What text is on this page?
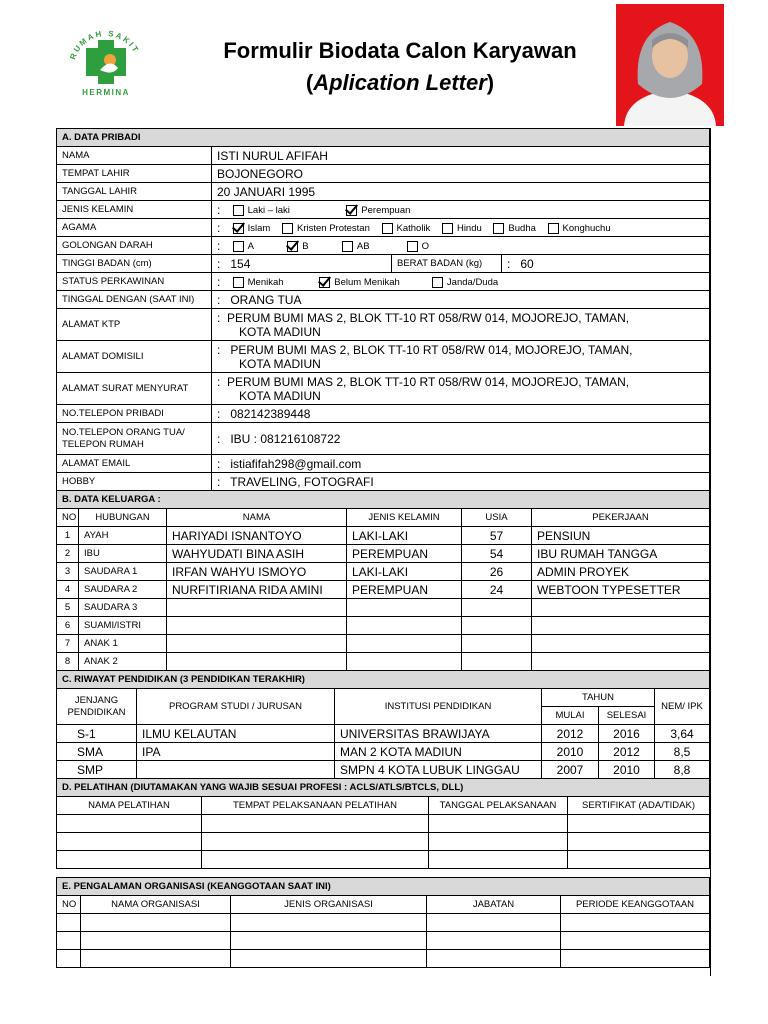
RUMAH SAKIT
HERMINA
Formulir Biodata Calon Karyawan
(Aplication Letter)
A. DATA PRIBADI			
NAMA	ISTI NURUL AFIFAH		
TEMPAT LAHIR	BOJONEGORO		
TANGGAL LAHIR	20 JANUARI 1995		
JENIS KELAMIN	: Laki – laki Perempuan		
AGAMA	: Islam Kristen Protestan Katholik Hindu Budha Konghuchu		
GOLONGAN DARAH	: A B AB O		
TINGGI BADAN (cm)	: 154	BERAT BADAN (kg)	: 60
STATUS PERKAWINAN	: Menikah Belum Menikah Janda/Duda		
TINGGAL DENGAN (SAAT INI)	: ORANG TUA		
ALAMAT KTP	: PERUM BUMI MAS 2, BLOK TT-10 RT 058/RW 014, MOJOREJO, TAMAN,
KOTA MADIUN		
ALAMAT DOMISILI	: PERUM BUMI MAS 2, BLOK TT-10 RT 058/RW 014, MOJOREJO, TAMAN,
KOTA MADIUN		
ALAMAT SURAT MENYURAT	: PERUM BUMI MAS 2, BLOK TT-10 RT 058/RW 014, MOJOREJO, TAMAN,
KOTA MADIUN		
NO.TELEPON PRIBADI	: 082142389448		
NO.TELEPON ORANG TUA/
TELEPON RUMAH	: IBU : 081216108722		
ALAMAT EMAIL	: istiafifah298@gmail.com		
HOBBY	: TRAVELING, FOTOGRAFI		
B. DATA KELUARGA :					
NO	HUBUNGAN	NAMA	JENIS KELAMIN	USIA	PEKERJAAN
1	AYAH	HARIYADI ISNANTOYO	LAKI-LAKI	57	PENSIUN
2	IBU	WAHYUDATI BINA ASIH	PEREMPUAN	54	IBU RUMAH TANGGA
3	SAUDARA 1	IRFAN WAHYU ISMOYO	LAKI-LAKI	26	ADMIN PROYEK
4	SAUDARA 2	NURFITIRIANA RIDA AMINI	PEREMPUAN	24	WEBTOON TYPESETTER
5	SAUDARA 3				
6	SUAMI/ISTRI				
7	ANAK 1				
8	ANAK 2				
C. RIWAYAT PENDIDIKAN (3 PENDIDIKAN TERAKHIR)					
JENJANG
PENDIDIKAN	PROGRAM STUDI / JURUSAN	INSTITUSI PENDIDIKAN	TAHUN		NEM/ IPK
			MULAI	SELESAI	
S-1	ILMU KELAUTAN	UNIVERSITAS BRAWIJAYA	2012	2016	3,64
SMA	IPA	MAN 2 KOTA MADIUN	2010	2012	8,5
SMP		SMPN 4 KOTA LUBUK LINGGAU	2007	2010	8,8
D. PELATIHAN (DIUTAMAKAN YANG WAJIB SESUAI PROFESI : ACLS/ATLS/BTCLS, DLL)			
NAMA PELATIHAN	TEMPAT PELAKSANAAN PELATIHAN	TANGGAL PELAKSANAAN	SERTIFIKAT (ADA/TIDAK)

E. PENGALAMAN ORGANISASI (KEANGGOTAAN SAAT INI)				
NO	NAMA ORGANISASI	JENIS ORGANISASI	JABATAN	PERIODE KEANGGOTAAN
